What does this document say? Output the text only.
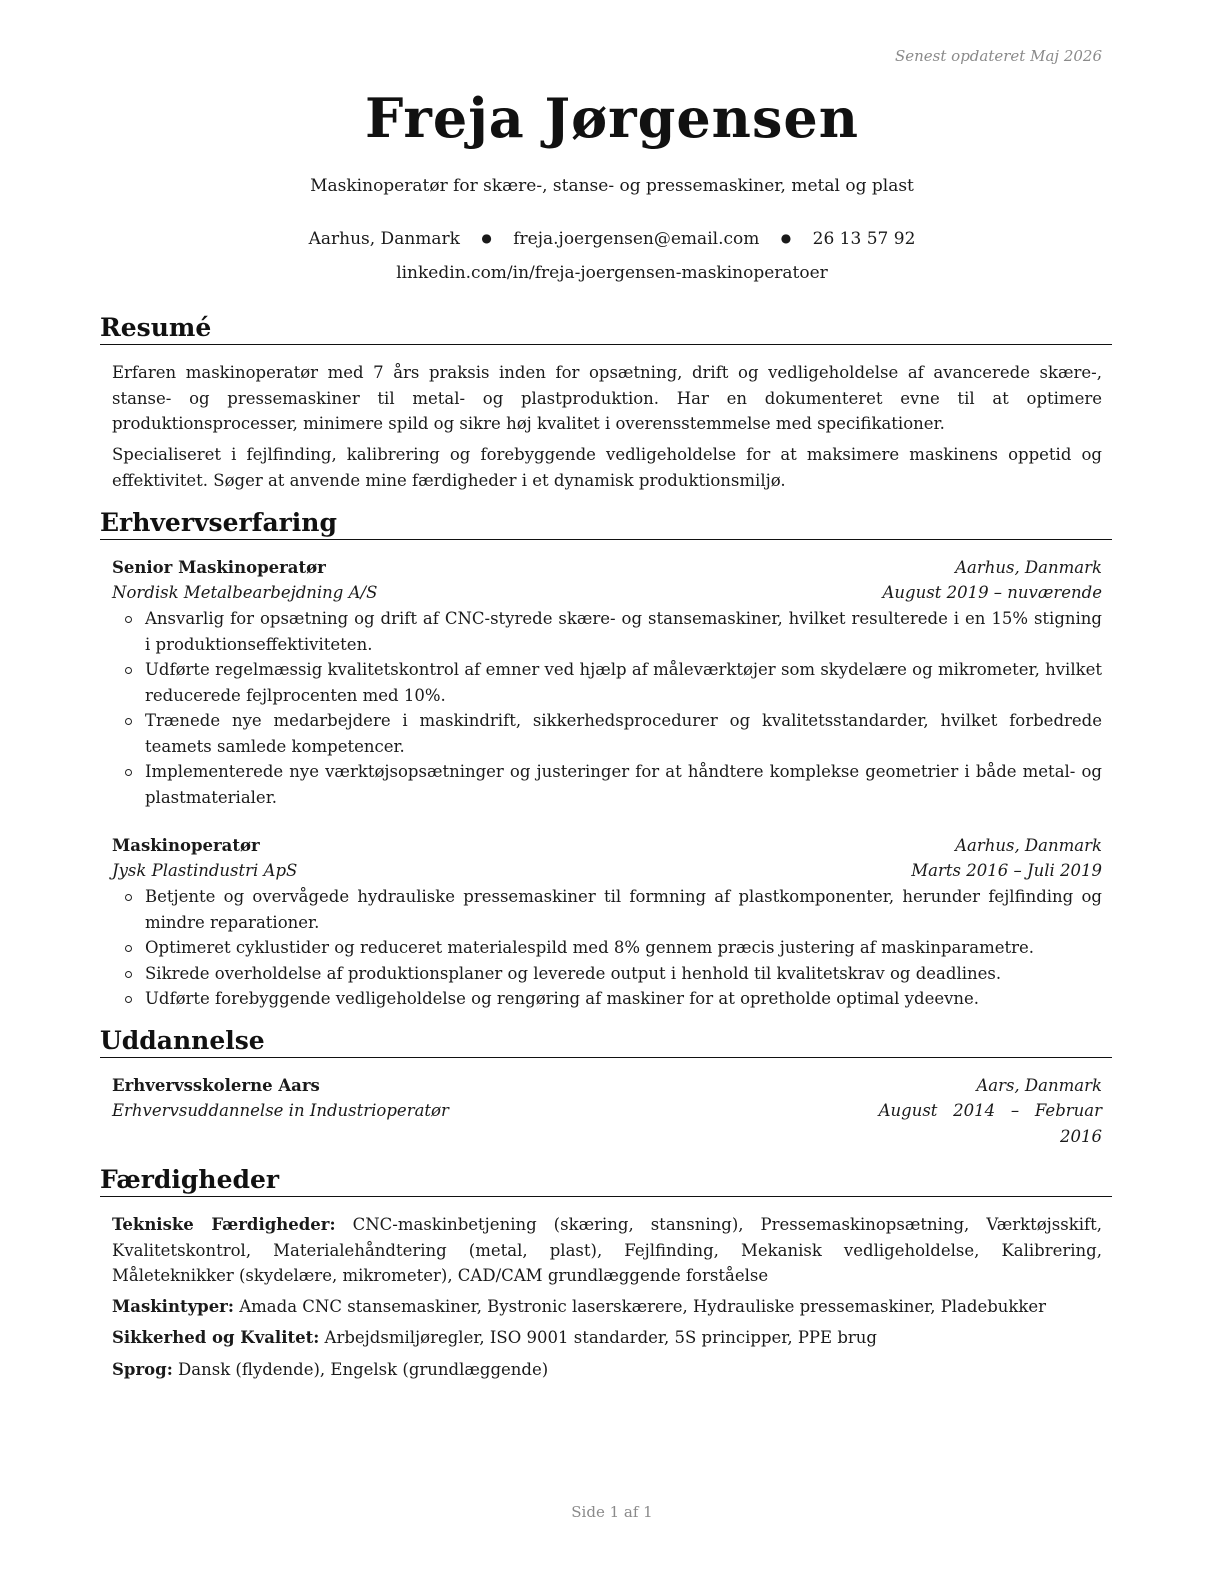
Senest opdateret Maj 2026
Freja Jørgensen
Maskinoperatør for skære-, stanse- og pressemaskiner, metal og plast
Aarhus, Danmark ● freja.joergensen@email.com ● 26 13 57 92
linkedin.com/in/freja-joergensen-maskinoperatoer
Resumé
Erfaren maskinoperatør med 7 års praksis inden for opsætning, drift og vedligeholdelse af avancerede skære-, stanse- og pressemaskiner til metal- og plastproduktion. Har en dokumenteret evne til at optimere produktionsprocesser, minimere spild og sikre høj kvalitet i overensstemmelse med specifikationer.
Specialiseret i fejlfinding, kalibrering og forebyggende vedligeholdelse for at maksimere maskinens oppetid og effektivitet. Søger at anvende mine færdigheder i et dynamisk produktionsmiljø.
Erhvervserfaring
Senior Maskinoperatør	Aarhus, Danmark
Nordisk Metalbearbejdning A/S	August 2019 – nuværende
Ansvarlig for opsætning og drift af CNC-styrede skære- og stansemaskiner, hvilket resulterede i en 15% stigning i produktionseffektiviteten.
Udførte regelmæssig kvalitetskontrol af emner ved hjælp af måleværktøjer som skydelære og mikrometer, hvilket reducerede fejlprocenten med 10%.
Trænede nye medarbejdere i maskindrift, sikkerhedsprocedurer og kvalitetsstandarder, hvilket forbedrede teamets samlede kompetencer.
Implementerede nye værktøjsopsætninger og justeringer for at håndtere komplekse geometrier i både metal- og plastmaterialer.
Maskinoperatør	Aarhus, Danmark
Jysk Plastindustri ApS	Marts 2016 – Juli 2019
Betjente og overvågede hydrauliske pressemaskiner til formning af plastkomponenter, herunder fejlfinding og mindre reparationer.
Optimeret cyklustider og reduceret materialespild med 8% gennem præcis justering af maskinparametre.
Sikrede overholdelse af produktionsplaner og leverede output i henhold til kvalitetskrav og deadlines.
Udførte forebyggende vedligeholdelse og rengøring af maskiner for at opretholde optimal ydeevne.
Uddannelse
Erhvervsskolerne Aars	Aars, Danmark
Erhvervsuddannelse in Industrioperatør	August   2014   –   Februar
2016
Færdigheder
Tekniske Færdigheder: CNC-maskinbetjening (skæring, stansning), Pressemaskinopsætning, Værktøjsskift, Kvalitetskontrol, Materialehåndtering (metal, plast), Fejlfinding, Mekanisk vedligeholdelse, Kalibrering, Måleteknikker (skydelære, mikrometer), CAD/CAM grundlæggende forståelse
Maskintyper: Amada CNC stansemaskiner, Bystronic laserskærere, Hydrauliske pressemaskiner, Pladebukker
Sikkerhed og Kvalitet: Arbejdsmiljøregler, ISO 9001 standarder, 5S principper, PPE brug
Sprog: Dansk (flydende), Engelsk (grundlæggende)
Side 1 af 1
